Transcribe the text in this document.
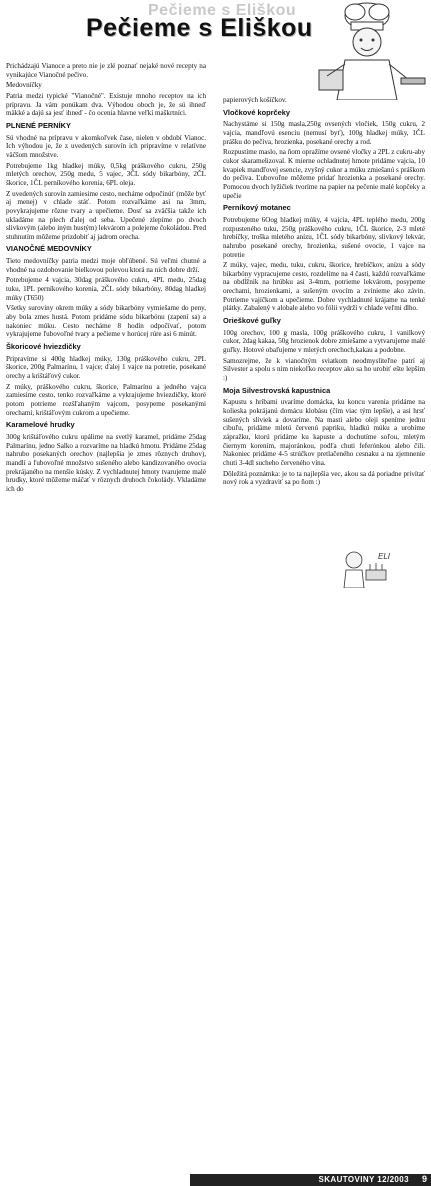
Pečieme s Eliškou
Pečieme s Eliškou

Prichádzajú Vianoce a preto nie je zlé poznať nejaké nové recepty na vynikajúce Vianočné pečivo.

Medovníčky

Patria medzi typické "Vianočné". Existuje mnoho receptov na ich prípravu. Ja vám ponúkam dva. Výhodou oboch je, že sú ihneď mäkké a dajú sa jesť ihneď - čo ocenia hlavne veľkí maškrtníci.

PLNENÉ PERNÍKY

Sú vhodné na prípravu v akomkoľvek čase, nielen v období Vianoc. Ich výhodou je, že z uvedených surovín ich pripravíme v relatívne väčšom množstve.

Potrebujeme 1kg hladkej múky, 0,5kg práškového cukru, 250g mletých orechov, 250g medu, 5 vajec, 3ČL sódy bikarbóny, 2ČL škorice, 1ČL perníkového korenia, 6PL oleja.

Z uvedených surovín zamiesime cesto, necháme odpočinúť (môže byť aj menej) v chlade stáť. Potom rozvaľkáme asi na 3mm, povykrajujeme rôzne tvary a upečieme. Dosť sa zväčšia takže ich ukladáme na plech ďalej od seba. Upečené zlepíme po dvoch slivkovým (alebo iným hustým) lekvárom a polejeme čokoládou. Pred stuhnutím môžeme prizdobiť aj jadrom orecha.

VIANOČNÉ MEDOVNÍKY

Tieto medovníčky patria medzi moje obľúbené. Sú veľmi chutné a vhodné na ozdobovanie bielkovou polevou ktorá na nich dobre drží.

Potrebujeme 4 vajcia, 30dag práškového cukru, 4PL medu, 25dag tuku, 1PL perníkového korenia, 2ČL sódy bikarbóny, 80dag hladkej múky (T650)

Všetky suroviny okrem múky a sódy bikarbóny vymiešame do peny, aby bola zmes hustá. Potom pridáme sódu bikarbónu (zapení sa) a nakoniec múku. Cesto necháme 8 hodín odpočívať, potom vykrajujeme ľubovoľné tvary a pečieme v horúcej rúre asi 6 minút.

Škoricové hviezdičky

Pripravíme si 400g hladkej múky, 130g práškového cukru, 2PL škorice, 200g Palmarínu, 1 vajce; ďalej 1 vajce na potretie, posekané orechy a krištáľový cukor.

Z múky, práškového cukru, škorice, Palmarínu a jedného vajca zamiesime cesto, tenko rozvaľkáme a vykrajujeme hviezdičky, ktoré potom potrieme rozšľahaným vajcom, posypeme posekanými orechami, krištáľovým cukrom a upečieme.

Karamelové hrudky

300g krištáľového cukru upálime na svetlý karamel, pridáme 25dag Palmarínu, jedno Salko a rozvaríme na hladkú hmotu. Pridáme 25dag nahrubo posekaných orechov (najlepšia je zmes rôznych druhov), mandlí a ľubovoľné množstvo sušeného alebo kandizovaného ovocia prekrájaného na menšie kúsky. Z vychladnutej hmoty tvarujeme malé hrudky, ktoré môžeme máčať v rôznych druhoch čokolády. Vkladáme ich do

papierových košíčkov.

Vločkové koprčeky

Nachystáme si 150g masla,250g ovsených vločiek, 150g cukru, 2 vajcia, mandľovú esenciu (nemusí byť), 100g hladkej múky, 1ČL prášku do pečiva, hrozienka, posekané orechy a rod.

Rozpustíme maslo, na ňom opražíme ovsené vločky a 2PL z cukru-aby cukor skaramelizoval. K mierne ochladnutej hmote pridáme vajcia, 10 kvapiek mandľovej esencie, zvyšný cukor a múku zmiešanú s práškom do pečiva. Ľubovoľne môžeme pridať hrozienka a posekané orechy. Pomocou dvoch lyžičiek tvoríme na papier na pečenie malé kopčeky a upečie

Perníkový motanec

Potrebujeme 6Oog hladkej múky, 4 vajcia, 4PL teplého medu, 200g rozpusteného tuku, 250g práškového cukru, 1ČL škorice, 2-3 mleté hrebíčky, troška mletého anízu, 1ČL sódy bikarbóny, slivkový lekvár, nahrubo posekané orechy, hrozienka, sušené ovocie, 1 vajce na potretie

Z múky, vajec, medu, tuku, cukru, škorice, hrebíčkov, anízu a sódy bikarbóny vypracujeme cesto, rozdelíme na 4 časti, každú rozvaľkáme na obdĺžnik na hrúbku asi 3-4mm, potrieme lekvárom, posypeme orechami, hrozienkami, a sušeným ovocím a zvinieme ako závin. Potrieme vajíčkom a upečieme. Dobre vychladnuté krájame na tenké plátky. Zabalený v alobale alebo vo fólii vydrží v chlade veľmi dlho.

Orieškové guľky

100g orechov, 100 g masla, 100g práškového cukru, 1 vanilkový cukor, 2dag kakaa, 50g hrozienok dobre zmiešame a vytvarujeme malé guľky. Hotové obaľujeme v mletých orechoch,kakau a podobne.

Samozrejme, že k vianočným sviatkom neodmysliteľne patrí aj Silvester a spolu s ním niekoľko receptov ako sa ho urobiť ešte lepším :)

Moja Silvestrovská kapustnica

Kapustu s hríbami uvaríme domácka, ku koncu varenia pridáme na kolieska pokrájanú domácu klobásu (čím viac tým lepšie), a asi hrsť sušených sliviek a dovaríme. Na masti alebo oleji speníme jednu cibuľu, pridáme mletú červenú papriku, hladkú múku a urobíme zápražku, ktorú pridáme ku kapuste a dochutíme soľou, mletým čiernym korením, majoránkou, podľa chuti feferónkou alebo čili. Nakoniec pridáme 4-5 strúčkov pretlačeného cesnaku a na zjemnenie chuti 3-4dl sucheho červeného vína.

Dôležitá poznámka: je to ta najlepšia vec, akou sa dá poriadne privítať nový rok a vyzdraviť sa po ňom :)

ELI
SKAUTOVINY 12/2003 9
